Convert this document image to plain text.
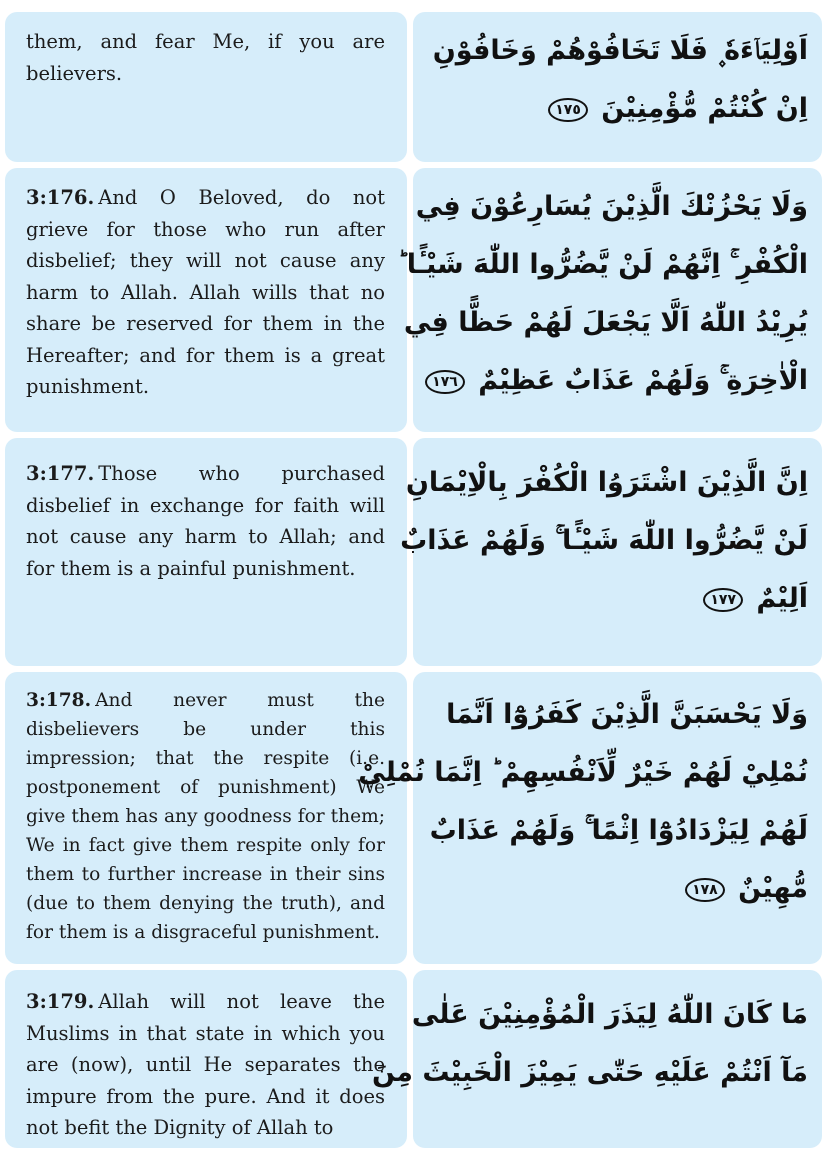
them, and fear Me, if you are believers.

اَوْلِيَاۤءَهٗ ۪ فَلَا تَخَافُوْهُمْ وَخَافُوْنِ

اِنْ كُنْتُمْ مُّؤْمِنِيْنَ ١٧٥

3:176. And O Beloved, do not grieve for those who run after disbelief; they will not cause any harm to Allah. Allah wills that no share be reserved for them in the Hereafter; and for them is a great punishment.

وَلَا يَحْزُنْكَ الَّذِيْنَ يُسَارِعُوْنَ فِي

الْكُفْرِ ۚ اِنَّهُمْ لَنْ يَّضُرُّوا اللّٰهَ شَيْـًٔا ؕ

يُرِيْدُ اللّٰهُ اَلَّا يَجْعَلَ لَهُمْ حَظًّا فِي

الْاٰخِرَةِ ۚ وَلَهُمْ عَذَابٌ عَظِيْمٌ ١٧٦

3:177. Those who purchased disbelief in exchange for faith will not cause any harm to Allah; and for them is a painful punishment.

اِنَّ الَّذِيْنَ اشْتَرَوُا الْكُفْرَ بِالْاِيْمَانِ

لَنْ يَّضُرُّوا اللّٰهَ شَيْـًٔا ۚ وَلَهُمْ عَذَابٌ

اَلِيْمٌ ١٧٧

3:178. And never must the disbelievers be under this impression; that the respite (i.e. postponement of punishment) We give them has any goodness for them; We in fact give them respite only for them to further increase in their sins (due to them denying the truth), and for them is a disgraceful punishment.

وَلَا يَحْسَبَنَّ الَّذِيْنَ كَفَرُوْٓا اَنَّمَا

نُمْلِيْ لَهُمْ خَيْرٌ لِّاَنْفُسِهِمْ ؕ اِنَّمَا نُمْلِيْ

لَهُمْ لِيَزْدَادُوْٓا اِثْمًا ۚ وَلَهُمْ عَذَابٌ

مُّهِيْنٌ ١٧٨

3:179. Allah will not leave the Muslims in that state in which you are (now), until He separates the impure from the pure. And it does not befit the Dignity of Allah to

مَا كَانَ اللّٰهُ لِيَذَرَ الْمُؤْمِنِيْنَ عَلٰى

مَآ اَنْتُمْ عَلَيْهِ حَتّٰى يَمِيْزَ الْخَبِيْثَ مِنَ
